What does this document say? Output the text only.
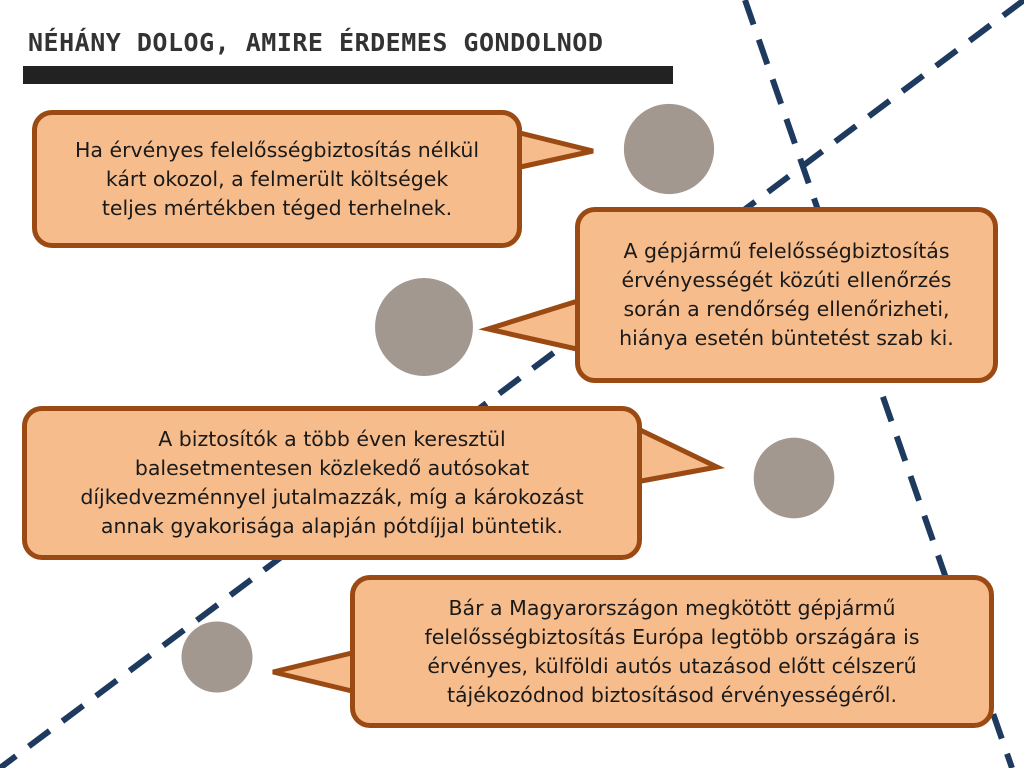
NÉHÁNY DOLOG, AMIRE ÉRDEMES GONDOLNOD
Ha érvényes felelősségbiztosítás nélkül
kárt okozol, a felmerült költségek
teljes mértékben téged terhelnek.
A gépjármű felelősségbiztosítás
érvényességét közúti ellenőrzés
során a rendőrség ellenőrizheti,
hiánya esetén büntetést szab ki.
A biztosítók a több éven keresztül
balesetmentesen közlekedő autósokat
díjkedvezménnyel jutalmazzák, míg a károkozást
annak gyakorisága alapján pótdíjjal büntetik.
Bár a Magyarországon megkötött gépjármű
felelősségbiztosítás Európa legtöbb országára is
érvényes, külföldi autós utazásod előtt célszerű
tájékozódnod biztosításod érvényességéről.
